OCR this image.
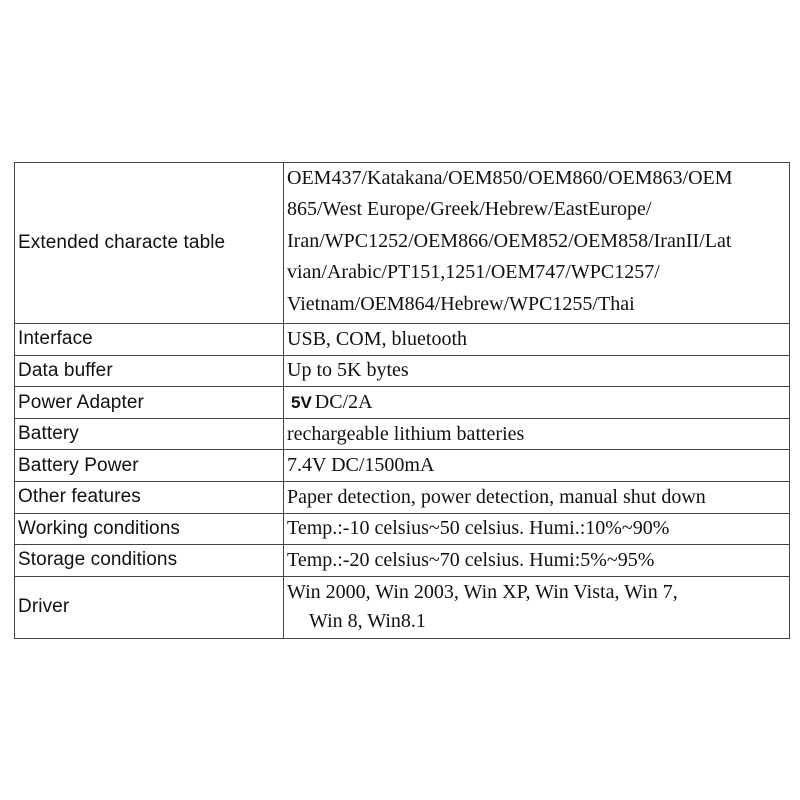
Extended characte table	OEM437/Katakana/OEM850/OEM860/OEM863/OEM
865/West Europe/Greek/Hebrew/EastEurope/
Iran/WPC1252/OEM866/OEM852/OEM858/IranII/Lat
vian/Arabic/PT151,1251/OEM747/WPC1257/
Vietnam/OEM864/Hebrew/WPC1255/Thai

Interface	USB, COM, bluetooth
Data buffer	Up to 5K bytes
Power Adapter	5V DC/2A
Battery	rechargeable lithium batteries
Battery Power	7.4V DC/1500mA
Other features	Paper detection, power detection, manual shut down
Working conditions	Temp.:-10 celsius~50 celsius. Humi.:10%~90%
Storage conditions	Temp.:-20 celsius~70 celsius. Humi:5%~95%
Driver	Win 2000, Win 2003, Win XP, Win Vista, Win 7,
Win 8, Win8.1
